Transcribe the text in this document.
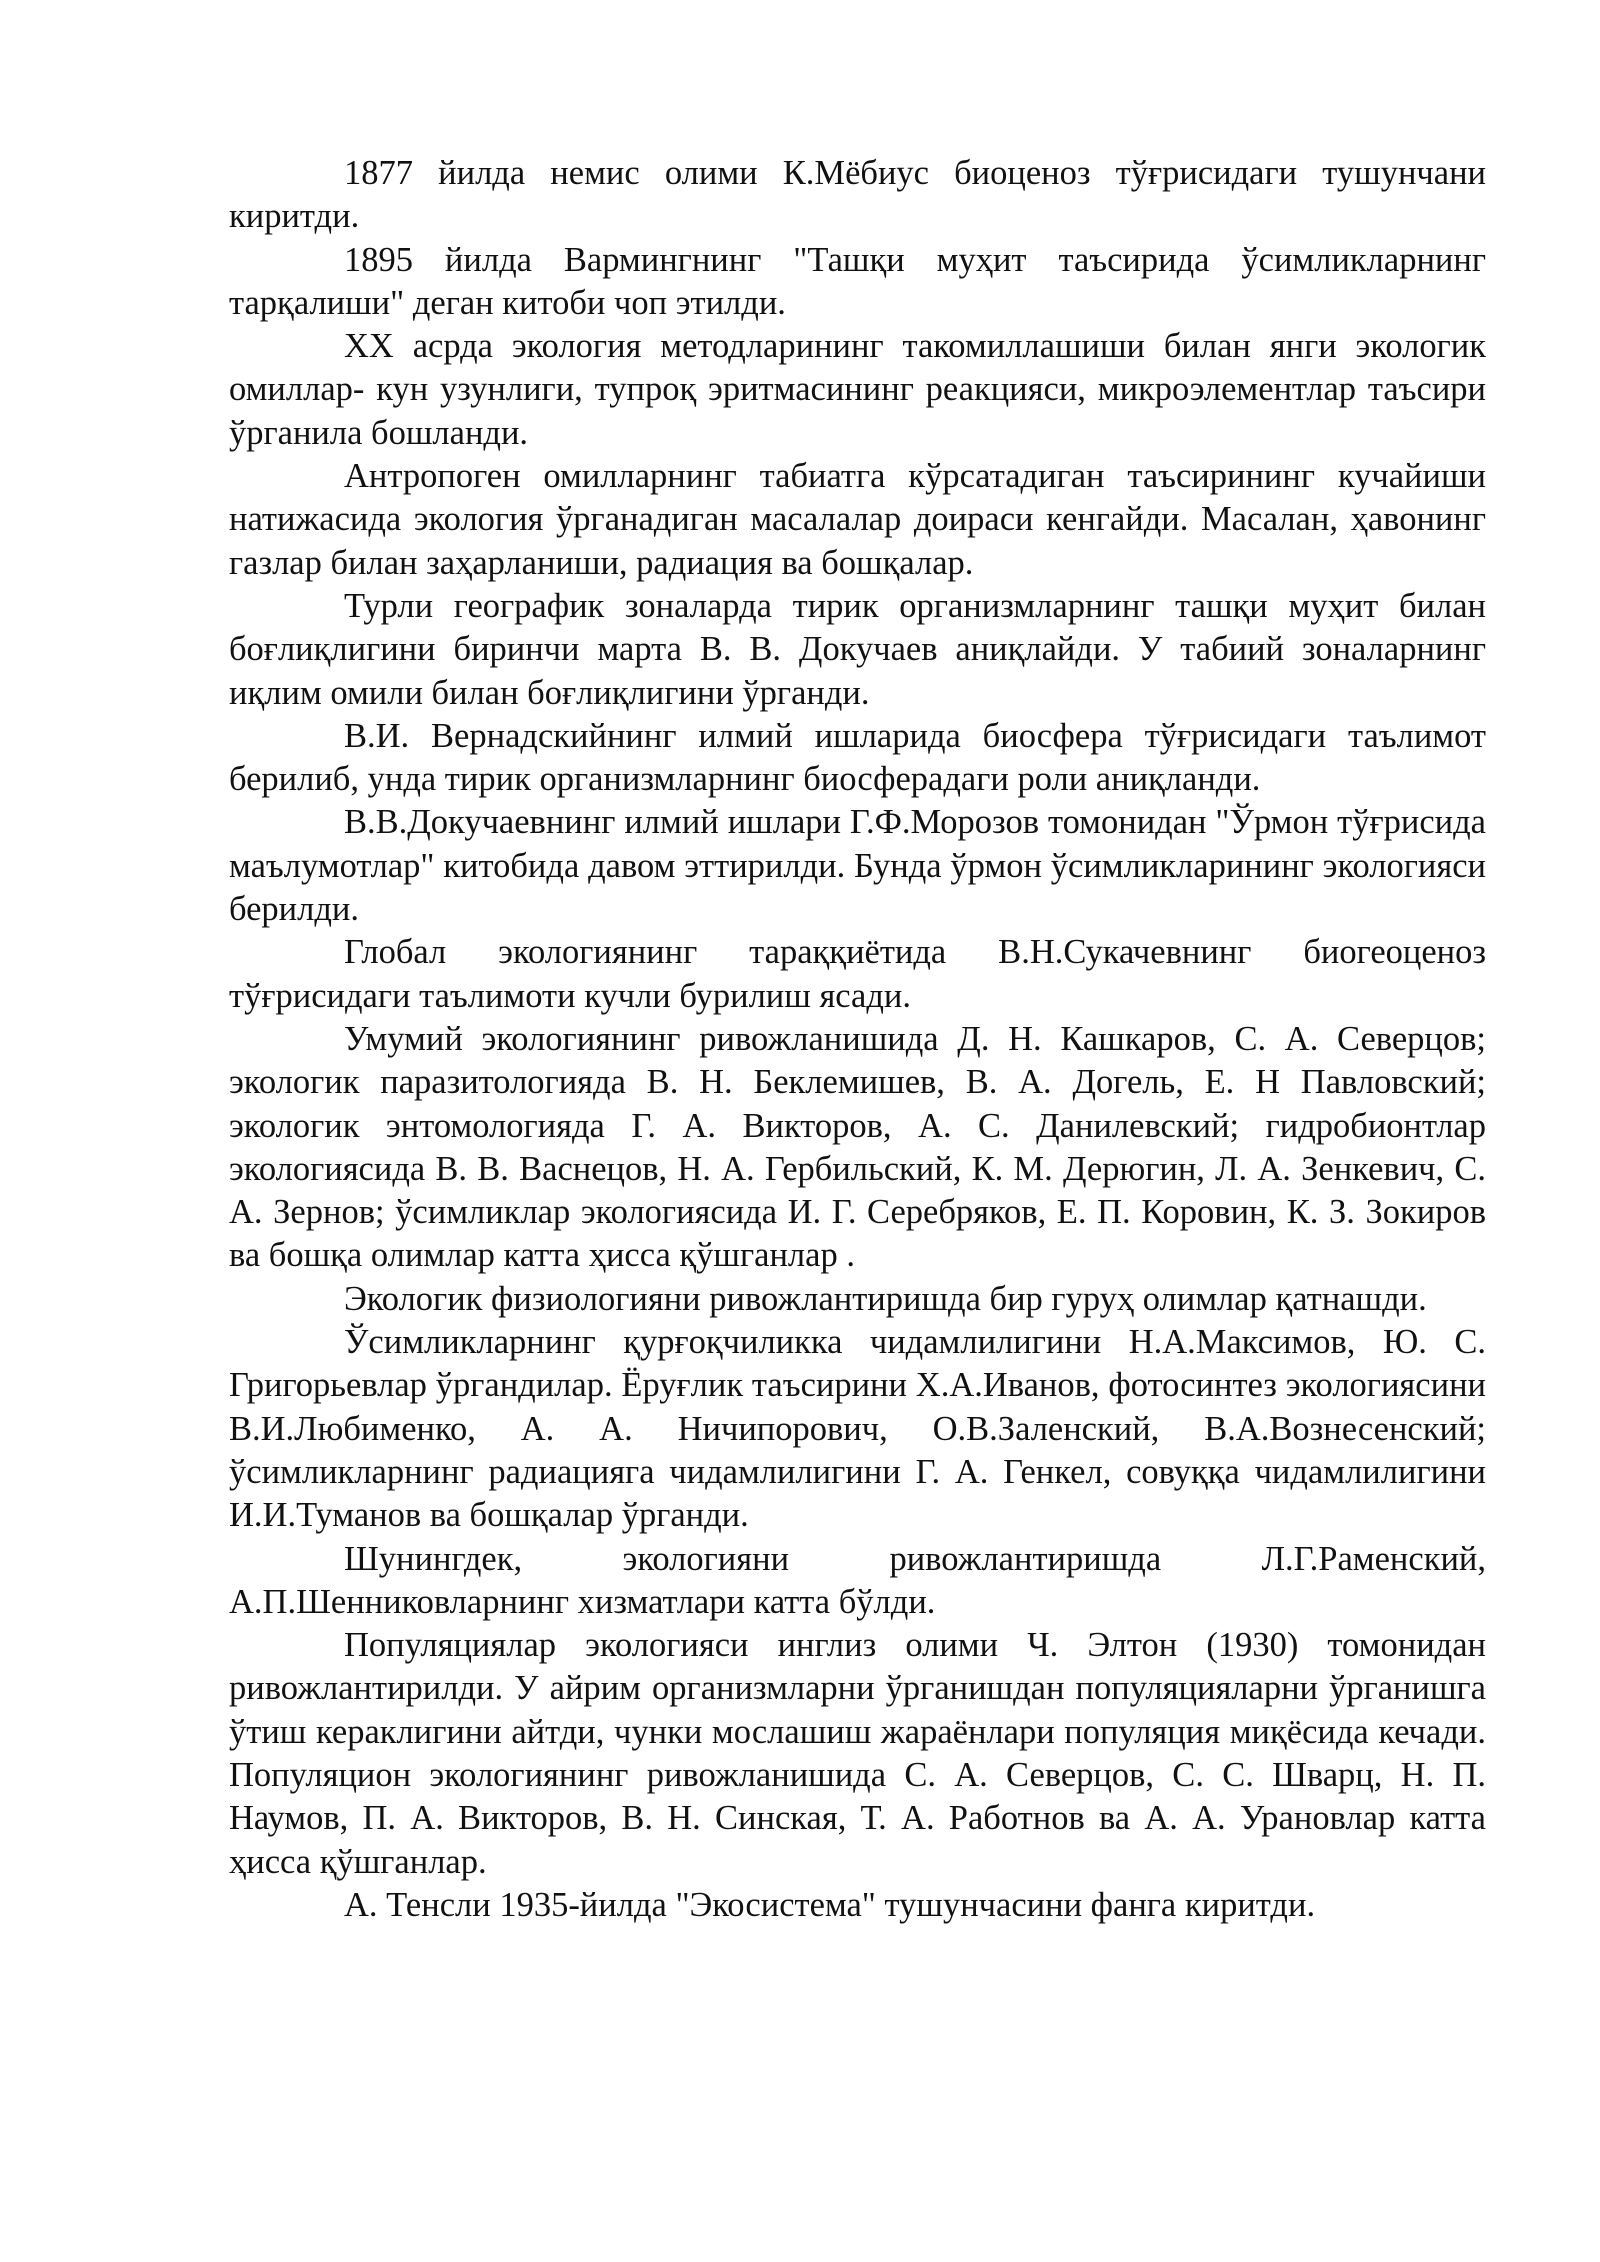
1877 йилда немис олими К.Мёбиус биоценоз тўғрисидаги тушунчани киритди.

1895 йилда Вармингнинг "Ташқи муҳит таъсирида ўсимликларнинг тарқалиши" деган китоби чоп этилди.

XX асрда экология методларининг такомиллашиши билан янги экологик омиллар- кун узунлиги, тупроқ эритмасининг реакцияси, микроэлементлар таъсири ўрганила бошланди.

Антропоген омилларнинг табиатга кўрсатадиган таъсирининг кучайиши натижасида экология ўрганадиган масалалар доираси кенгайди. Масалан, ҳавонинг газлар билан заҳарланиши, радиация ва бошқалар.

Турли географик зоналарда тирик организмларнинг ташқи муҳит билан боғлиқлигини биринчи марта В. В. Докучаев аниқлайди. У табиий зоналарнинг иқлим омили билан боғлиқлигини ўрганди.

В.И. Вернадскийнинг илмий ишларида биосфера тўғрисидаги таълимот берилиб, унда тирик организмларнинг биосферадаги роли аниқланди.

В.В.Докучаевнинг илмий ишлари Г.Ф.Морозов томонидан "Ўрмон тўғрисида маълумотлар" китобида давом эттирилди. Бунда ўрмон ўсимликларининг экологияси берилди.

Глобал экологиянинг тараққиётида В.Н.Сукачевнинг биогеоценоз тўғрисидаги таълимоти кучли бурилиш ясади.

Умумий экологиянинг ривожланишида Д. Н. Кашкаров, С. А. Северцов; экологик паразитологияда В. Н. Беклемишев, В. А. Догель, Е. Н Павловский; экологик энтомологияда Г. А. Викторов, А. С. Данилевский; гидробионтлар экологиясида В. В. Васнецов, Н. А. Гербильский, К. М. Дерюгин, Л. А. Зенкевич, С. А. Зернов; ўсимликлар экологиясида И. Г. Серебряков, Е. П. Коровин, К. З. Зокиров ва бошқа олимлар катта ҳисса қўшганлар .

Экологик физиологияни ривожлантиришда бир гуруҳ олимлар қатнашди.

Ўсимликларнинг қурғоқчиликка чидамлилигини Н.А.Максимов, Ю. С. Григорьевлар ўргандилар. Ёруғлик таъсирини Х.А.Иванов, фотосинтез экологиясини В.И.Любименко, А. А. Ничипорович, О.В.Заленский, В.А.Вознесенский; ўсимликларнинг радиацияга чидамлилигини Г. А. Генкел, совуққа чидамлилигини И.И.Туманов ва бошқалар ўрганди.

Шунингдек, экологияни ривожлантиришда Л.Г.Раменский, А.П.Шенниковларнинг хизматлари катта бўлди.

Популяциялар экологияси инглиз олими Ч. Элтон (1930) томонидан ривожлантирилди. У айрим организмларни ўрганишдан популяцияларни ўрганишга ўтиш кераклигини айтди, чунки мослашиш жараёнлари популяция миқёсида кечади. Популяцион экологиянинг ривожланишида С. А. Северцов, С. С. Шварц, Н. П. Наумов, П. А. Викторов, В. Н. Синская, Т. А. Работнов ва А. А. Урановлар катта ҳисса қўшганлар.

А. Тенсли 1935-йилда "Экосистема" тушунчасини фанга киритди.
